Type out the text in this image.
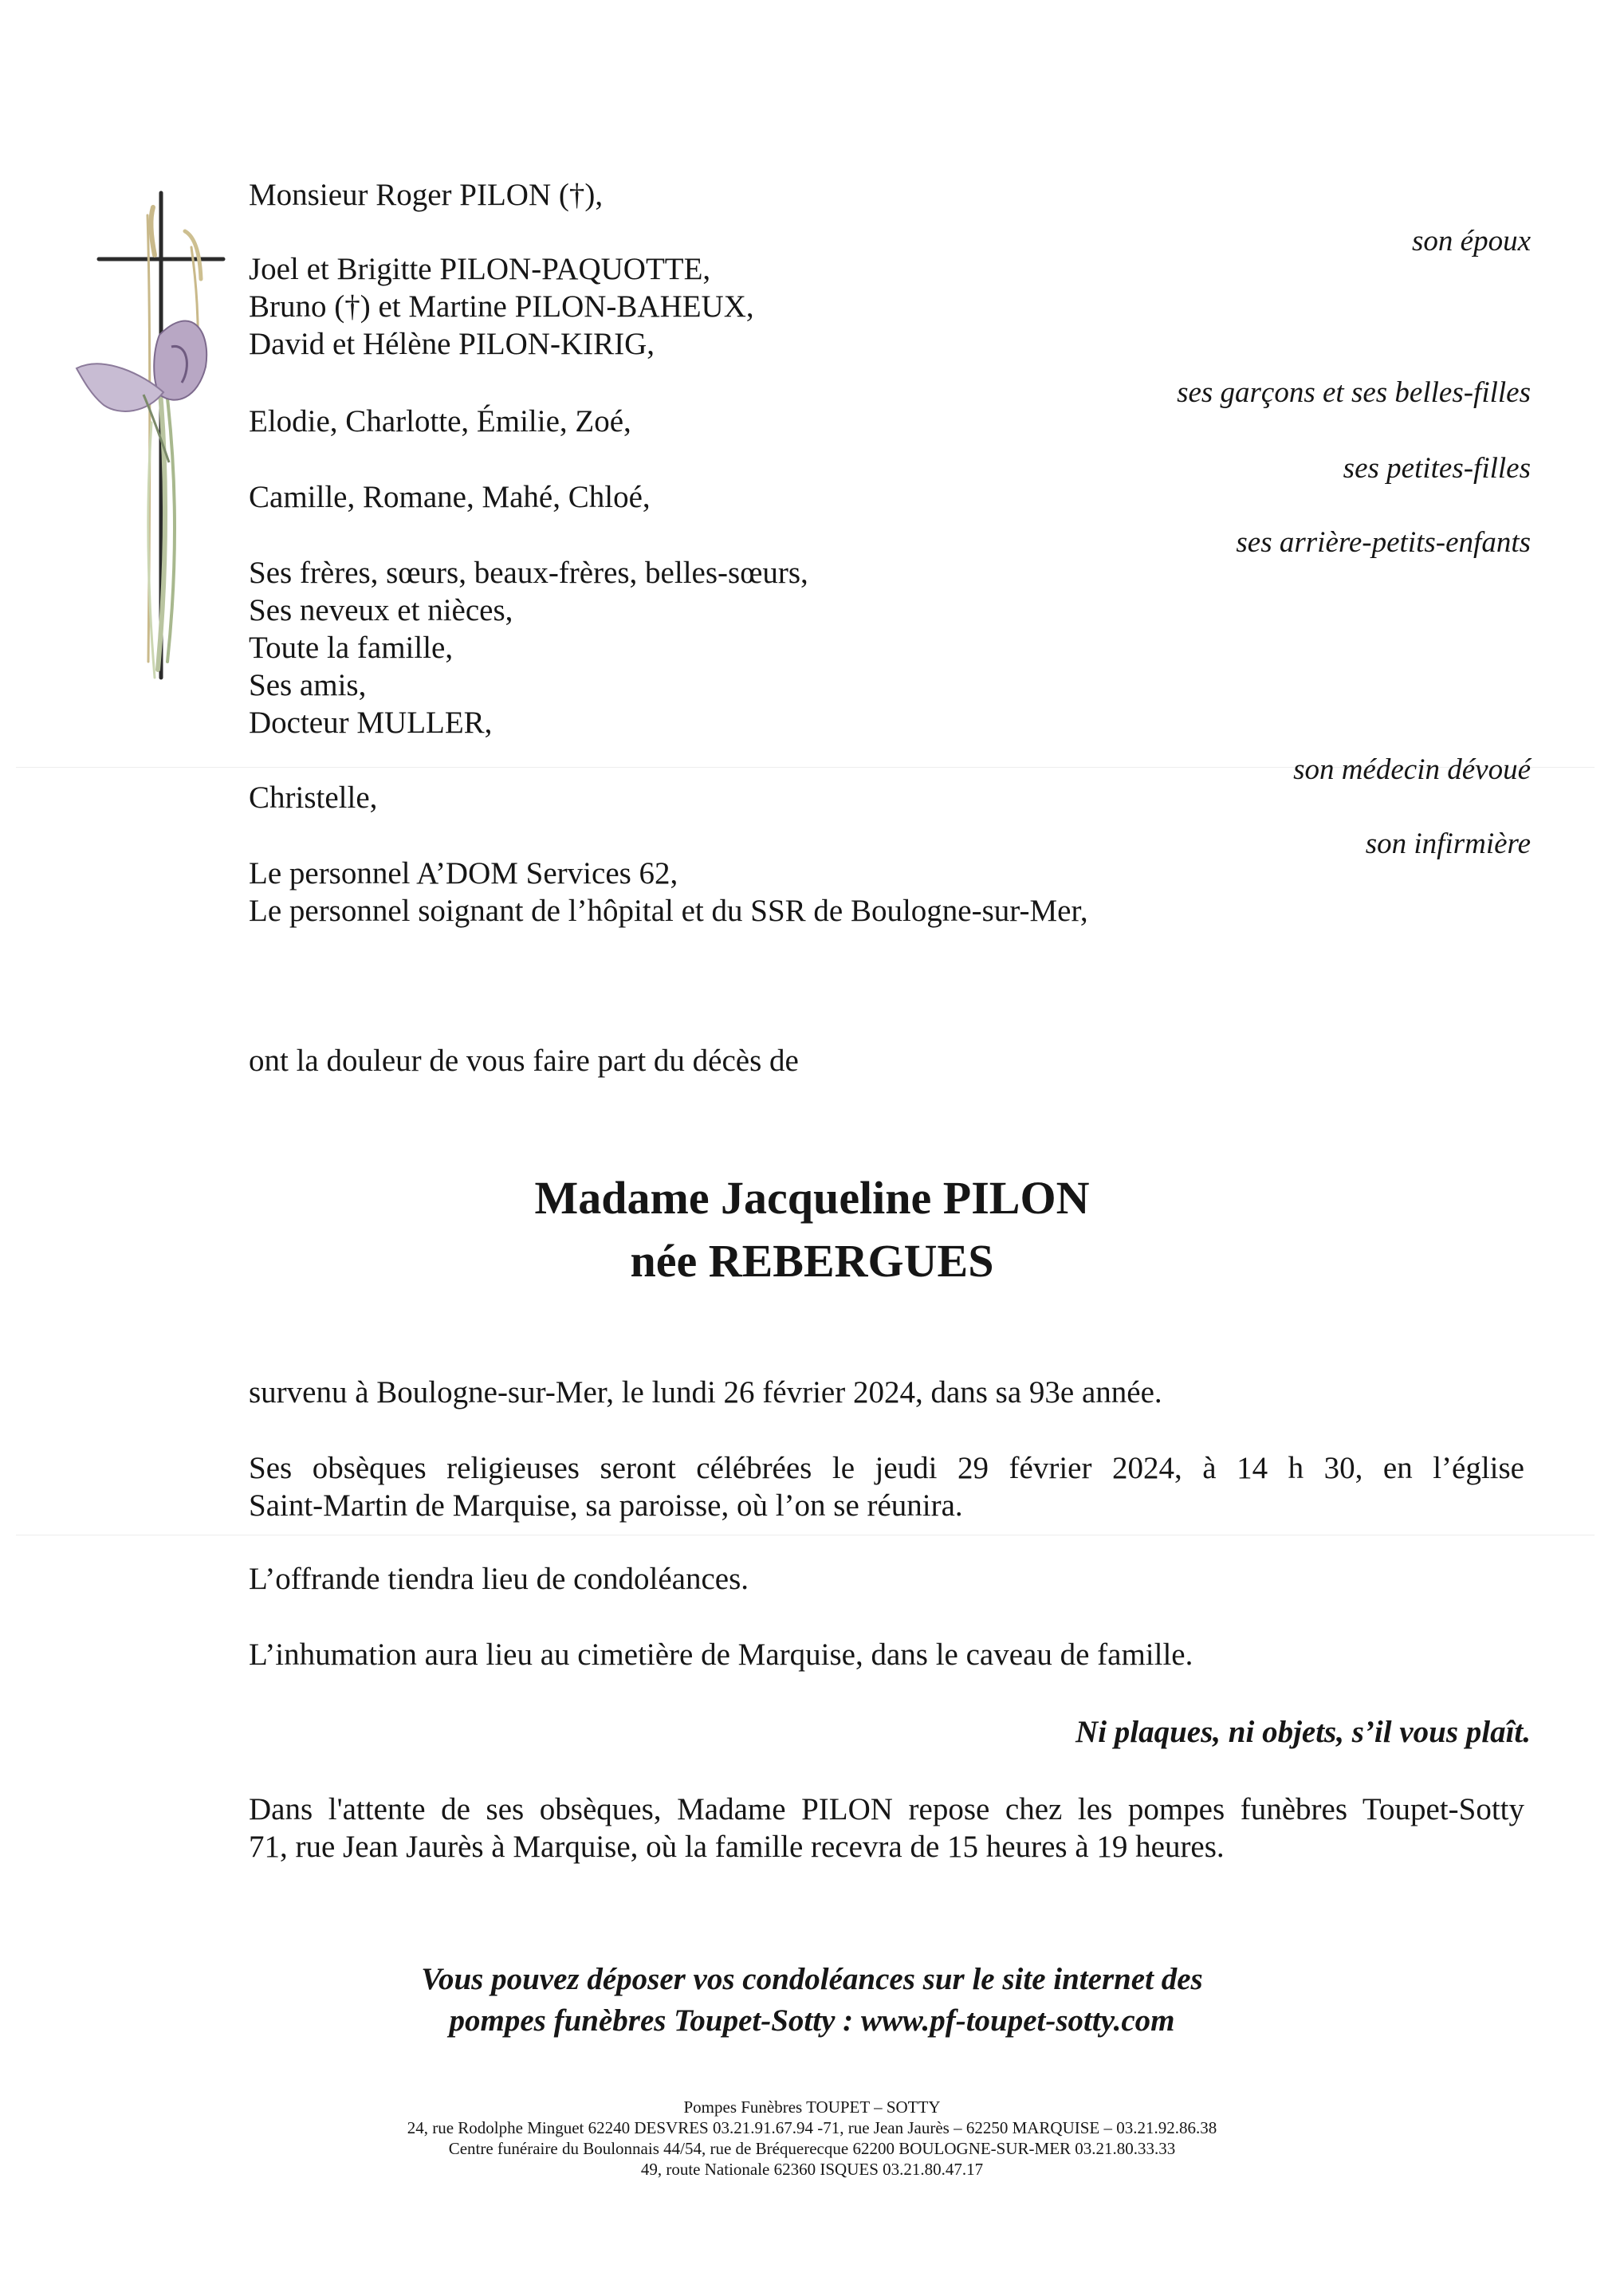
Monsieur Roger PILON (†),
Joel et Brigitte PILON-PAQUOTTE,
Bruno (†) et Martine PILON-BAHEUX,
David et Hélène PILON-KIRIG,
Elodie, Charlotte, Émilie, Zoé,
Camille, Romane, Mahé, Chloé,
Ses frères, sœurs, beaux-frères, belles-sœurs,
Ses neveux et nièces,
Toute la famille,
Ses amis,
Docteur MULLER,
Christelle,
Le personnel A’DOM Services 62,
Le personnel soignant de l’hôpital et du SSR de Boulogne-sur-Mer,
son époux
ses garçons et ses belles-filles
ses petites-filles
ses arrière-petits-enfants
son médecin dévoué
son infirmière
ont la douleur de vous faire part du décès de
Madame Jacqueline PILON
née REBERGUES
survenu à Boulogne-sur-Mer, le lundi 26 février 2024, dans sa 93e année.
Ses obsèques religieuses seront célébrées le jeudi 29 février 2024, à 14 h 30, en l’église
Saint-Martin de Marquise, sa paroisse, où l’on se réunira.
L’offrande tiendra lieu de condoléances.
L’inhumation aura lieu au cimetière de Marquise, dans le caveau de famille.
Ni plaques, ni objets, s’il vous plaît.
Dans l'attente de ses obsèques, Madame PILON repose chez les pompes funèbres Toupet-Sotty
71, rue Jean Jaurès à Marquise, où la famille recevra de 15 heures à 19 heures.
Vous pouvez déposer vos condoléances sur le site internet des
pompes funèbres Toupet-Sotty : www.pf-toupet-sotty.com
Pompes Funèbres TOUPET – SOTTY
24, rue Rodolphe Minguet 62240 DESVRES 03.21.91.67.94 -71, rue Jean Jaurès – 62250 MARQUISE – 03.21.92.86.38
Centre funéraire du Boulonnais 44/54, rue de Bréquerecque 62200 BOULOGNE-SUR-MER 03.21.80.33.33
49, route Nationale 62360 ISQUES 03.21.80.47.17
